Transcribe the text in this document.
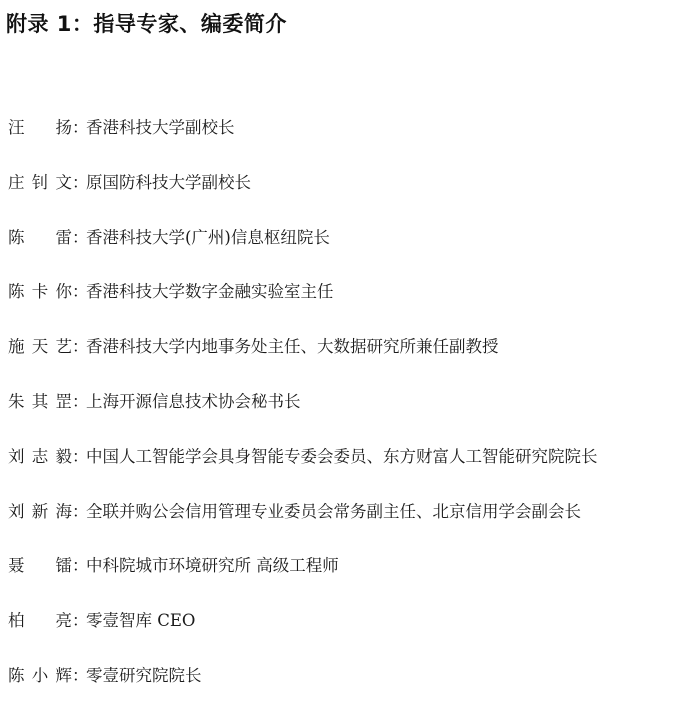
附录 1：指导专家、编委简介
汪 扬 ：
香港科技大学副校长
庄钊文 ：
原国防科技大学副校长
陈 雷 ：
香港科技大学(广州)信息枢纽院长
陈卡你 ：
香港科技大学数字金融实验室主任
施天艺 ：
香港科技大学内地事务处主任、大数据研究所兼任副教授
朱其罡 ：
上海开源信息技术协会秘书长
刘志毅 ：
中国人工智能学会具身智能专委会委员、东方财富人工智能研究院院长
刘新海 ：
全联并购公会信用管理专业委员会常务副主任、北京信用学会副会长
聂 镭 ：
中科院城市环境研究所 高级工程师
柏 亮 ：
零壹智库 CEO
陈小辉 ：
零壹研究院院长
